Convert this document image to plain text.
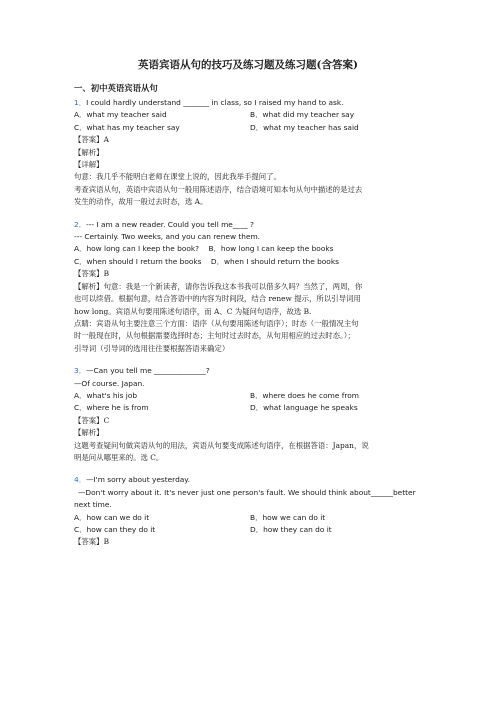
英语宾语从句的技巧及练习题及练习题(含答案)
一、初中英语宾语从句

1．I could hardly understand _______ in class, so I raised my hand to ask.

A．what my teacher said	B．what did my teacher say
C．what has my teacher say	D．what my teacher has said

【答案】A

【解析】

【详解】

句意：我几乎不能明白老师在课堂上说的，因此我举手提问了。

考查宾语从句，英语中宾语从句一般用陈述语序，结合语境可知本句从句中描述的是过去

发生的动作，故用一般过去时态，选 A。

2．--- I am a new reader. Could you tell me____ ?

--- Certainly. Two weeks, and you can renew them.

A．how long can I keep the book?    B．how long I can keep the books

C．when should I return the books    D．when I should return the books

【答案】B

【解析】句意：我是一个新读者，请你告诉我这本书我可以借多久吗？当然了，两周，你

也可以续借。根据句意，结合答语中的内容为时间段，结合 renew 提示，所以引导词用

how long。宾语从句要用陈述句语序，而 A、C 为疑问句语序，故选 B.

点睛：宾语从句主要注意三个方面：语序（从句要用陈述句语序）；时态（一般情况主句

时一般现在时，从句根据需要选择时态；主句时过去时态，从句用相应的过去时态。）；

引导词（引导词的选用往往要根据答语来确定）

3．—Can you tell me ______________?

—Of course. Japan.

A．what's his job	B．where does he come from
C．where he is from	D．what language he speaks

【答案】C

【解析】

这题考查疑问句做宾语从句的用法，宾语从句要变成陈述句语序，在根据答语：Japan，说

明是问从哪里来的。选 C。

4．—I'm sorry about yesterday.

—Don't worry about it. It's never just one person's fault. We should think about______better

next time.

A．how can we do it	B．how we can do it
C．how can they do it	D．how they can do it

【答案】B
